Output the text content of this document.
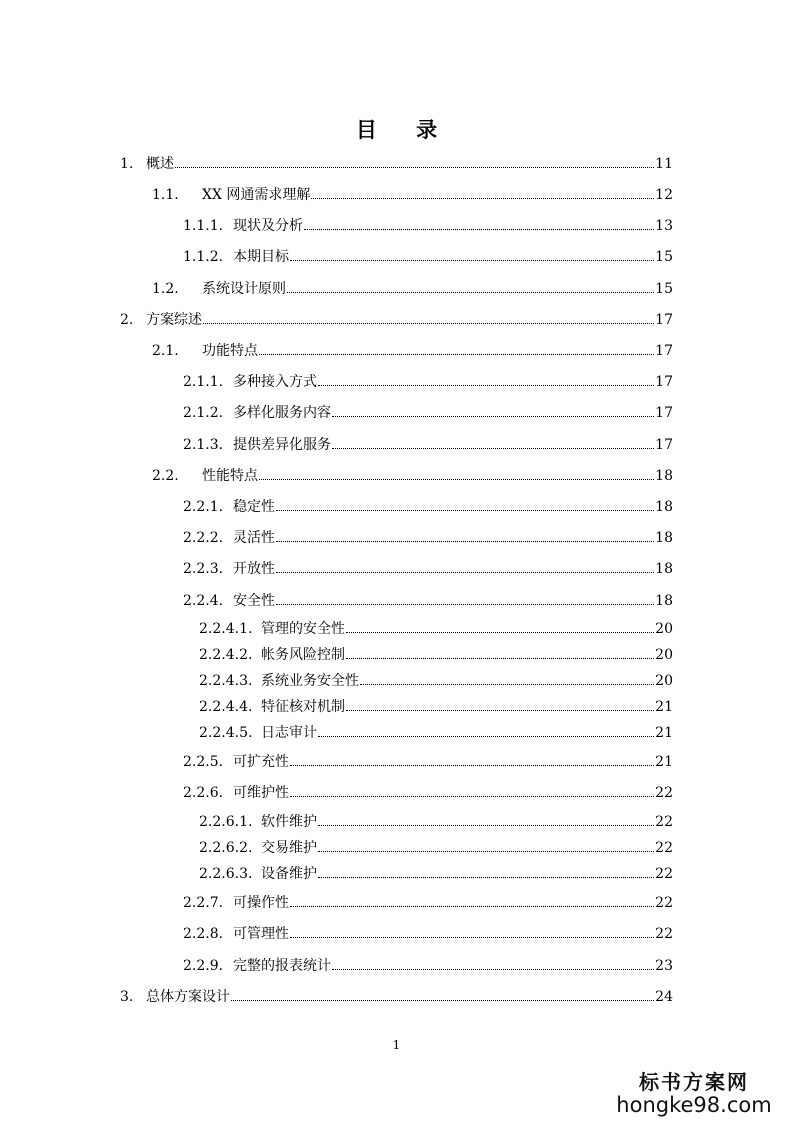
目 录
1. 概述	11
1.1.	XX 网通需求理解	12
1.1.1. 现状及分析	13
1.1.2. 本期目标	15
1.2.	系统设计原则	15
2. 方案综述	17
2.1.	功能特点	17
2.1.1. 多种接入方式	17
2.1.2. 多样化服务内容	17
2.1.3. 提供差异化服务	17
2.2.	性能特点	18
2.2.1. 稳定性	18
2.2.2. 灵活性	18
2.2.3. 开放性	18
2.2.4. 安全性	18
2.2.4.1. 管理的安全性	20
2.2.4.2. 帐务风险控制	20
2.2.4.3. 系统业务安全性	20
2.2.4.4. 特征核对机制	21
2.2.4.5. 日志审计	21
2.2.5. 可扩充性	21
2.2.6. 可维护性	22
2.2.6.1. 软件维护	22
2.2.6.2. 交易维护	22
2.2.6.3. 设备维护	22
2.2.7. 可操作性	22
2.2.8. 可管理性	22
2.2.9. 完整的报表统计	23
3. 总体方案设计	24
1
标书方案网
hongke98.com
